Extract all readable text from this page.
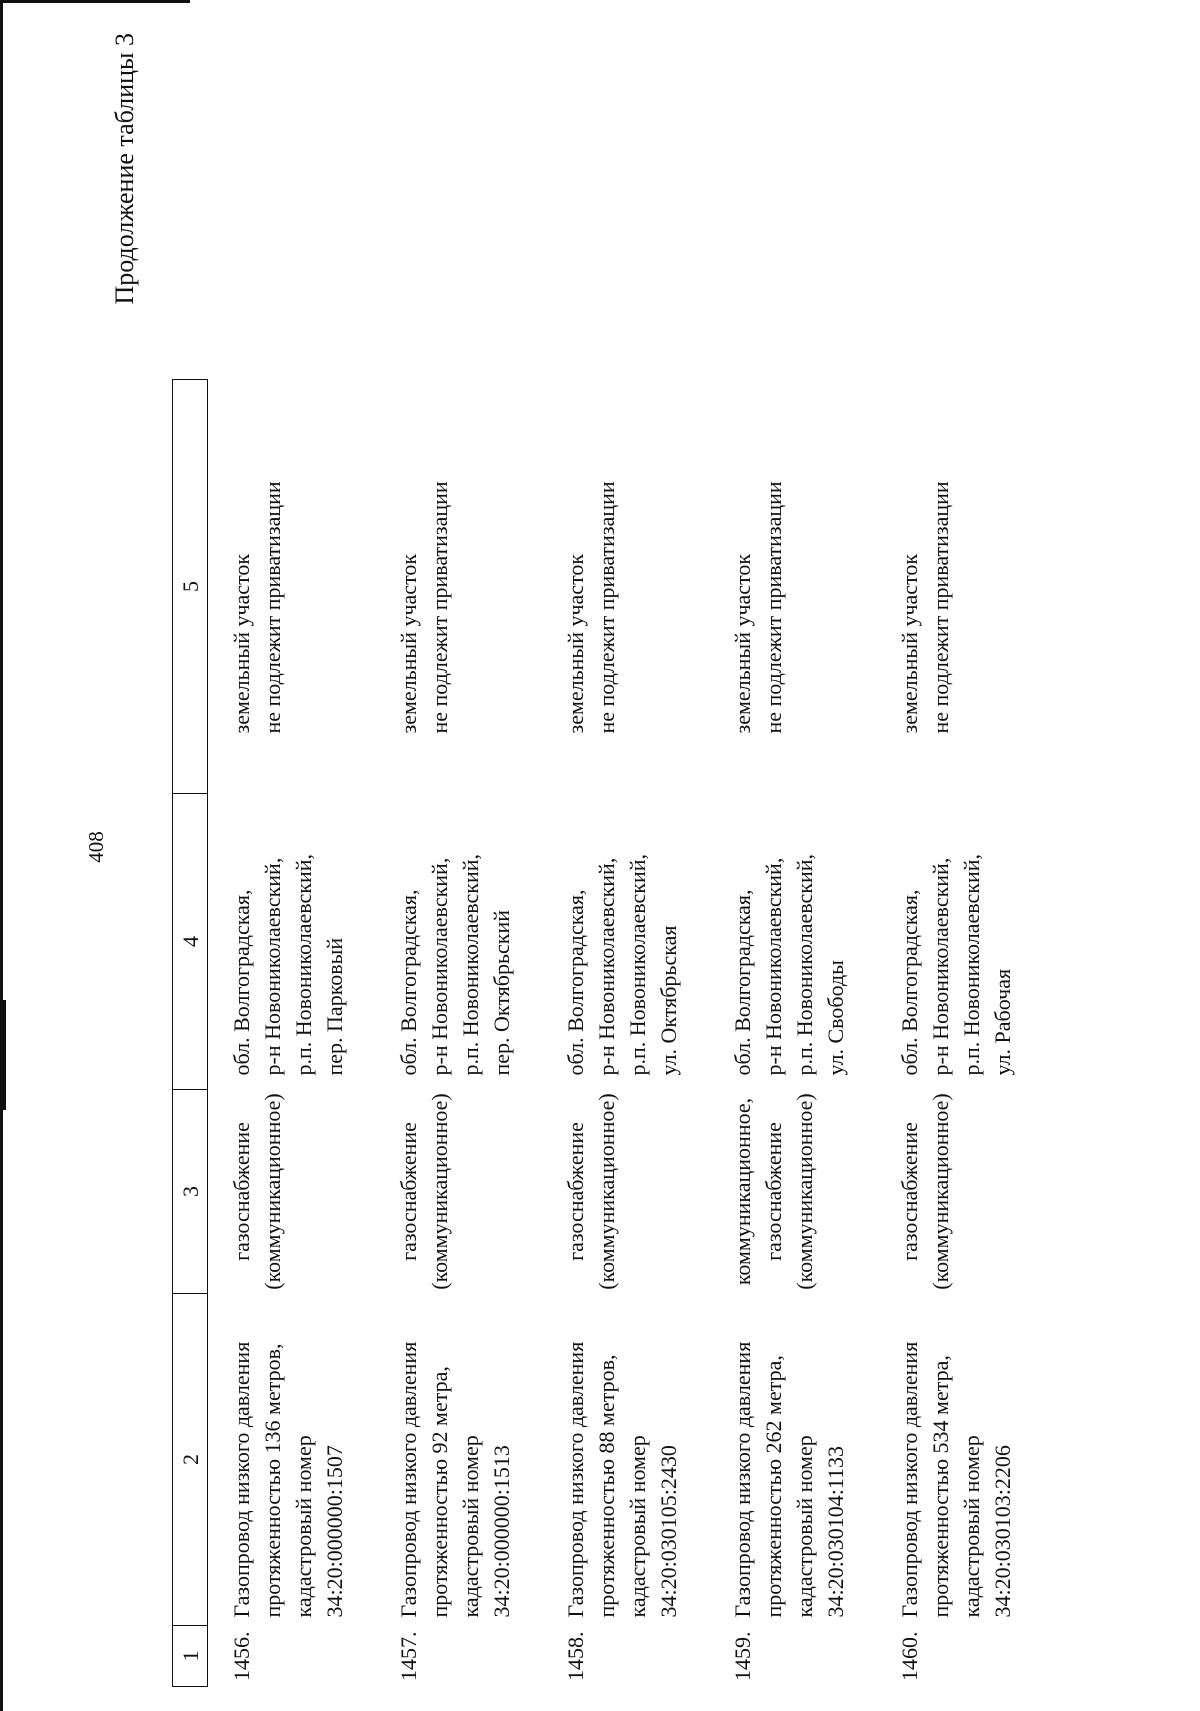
408
Продолжение таблицы 3
1	2	3	4	5
1456.	Газопровод низкого давления протяженностью 136 метров, кадастровый номер 34:20:000000:1507	газоснабжение (коммуникационное)	обл. Волгоградская, р-н Новониколаевский, р.п. Новониколаевский, пер. Парковый	земельный участок не подлежит приватизации

1457.	Газопровод низкого давления протяженностью 92 метра, кадастровый номер 34:20:000000:1513	газоснабжение (коммуникационное)	обл. Волгоградская, р-н Новониколаевский, р.п. Новониколаевский, пер. Октябрьский	земельный участок не подлежит приватизации

1458.	Газопровод низкого давления протяженностью 88 метров, кадастровый номер 34:20:030105:2430	газоснабжение (коммуникационное)	обл. Волгоградская, р-н Новониколаевский, р.п. Новониколаевский, ул. Октябрьская	земельный участок не подлежит приватизации

1459.	Газопровод низкого давления протяженностью 262 метра, кадастровый номер 34:20:030104:1133	коммуникационное, газоснабжение (коммуникационное)	обл. Волгоградская, р-н Новониколаевский, р.п. Новониколаевский, ул. Свободы	земельный участок не подлежит приватизации

1460.	Газопровод низкого давления протяженностью 534 метра, кадастровый номер 34:20:030103:2206	газоснабжение (коммуникационное)	обл. Волгоградская, р-н Новониколаевский, р.п. Новониколаевский, ул. Рабочая	земельный участок не подлежит приватизации
